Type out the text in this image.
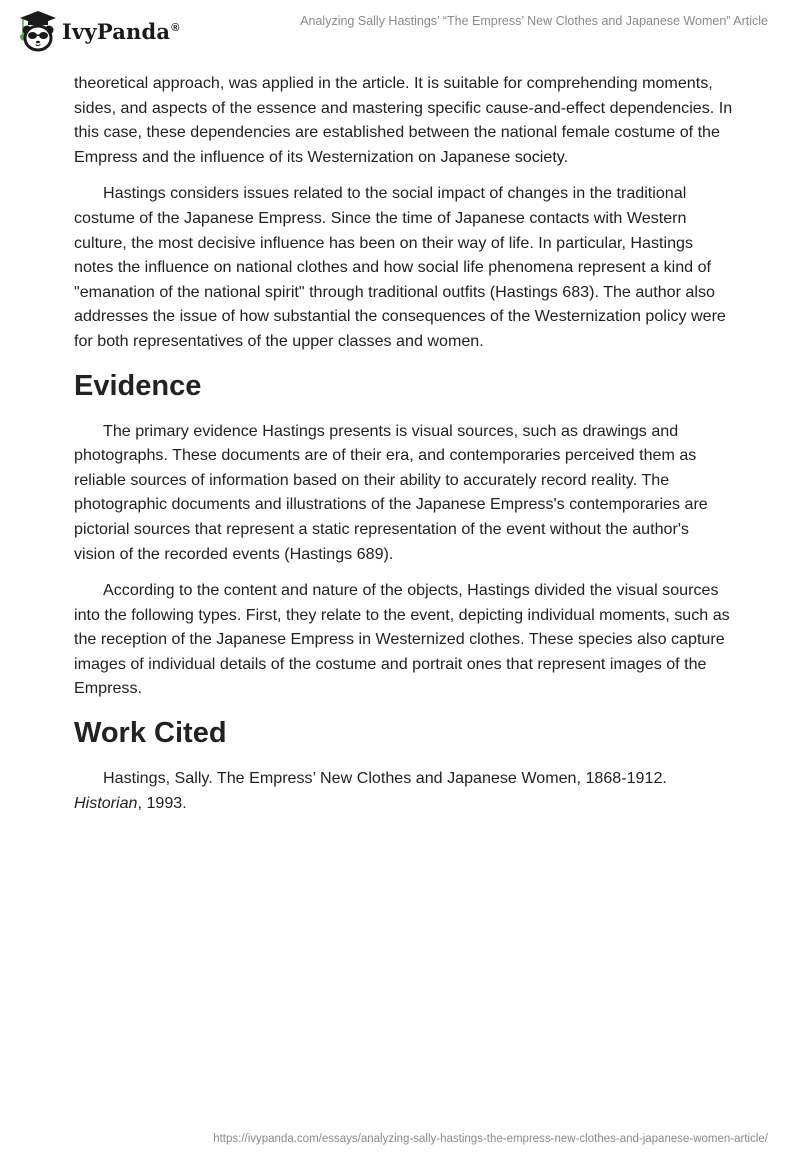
IvyPanda®	Analyzing Sally Hastings’ “The Empress’ New Clothes and Japanese Women” Article

theoretical approach, was applied in the article. It is suitable for comprehending moments, sides, and aspects of the essence and mastering specific cause-and-effect dependencies. In this case, these dependencies are established between the national female costume of the Empress and the influence of its Westernization on Japanese society.

Hastings considers issues related to the social impact of changes in the traditional costume of the Japanese Empress. Since the time of Japanese contacts with Western culture, the most decisive influence has been on their way of life. In particular, Hastings notes the influence on national clothes and how social life phenomena represent a kind of "emanation of the national spirit" through traditional outfits (Hastings 683). The author also addresses the issue of how substantial the consequences of the Westernization policy were for both representatives of the upper classes and women.

Evidence

The primary evidence Hastings presents is visual sources, such as drawings and photographs. These documents are of their era, and contemporaries perceived them as reliable sources of information based on their ability to accurately record reality. The photographic documents and illustrations of the Japanese Empress's contemporaries are pictorial sources that represent a static representation of the event without the author's vision of the recorded events (Hastings 689).

According to the content and nature of the objects, Hastings divided the visual sources into the following types. First, they relate to the event, depicting individual moments, such as the reception of the Japanese Empress in Westernized clothes. These species also capture images of individual details of the costume and portrait ones that represent images of the Empress.

Work Cited

Hastings, Sally. The Empress’ New Clothes and Japanese Women, 1868-1912. Historian, 1993.

https://ivypanda.com/essays/analyzing-sally-hastings-the-empress-new-clothes-and-japanese-women-article/
